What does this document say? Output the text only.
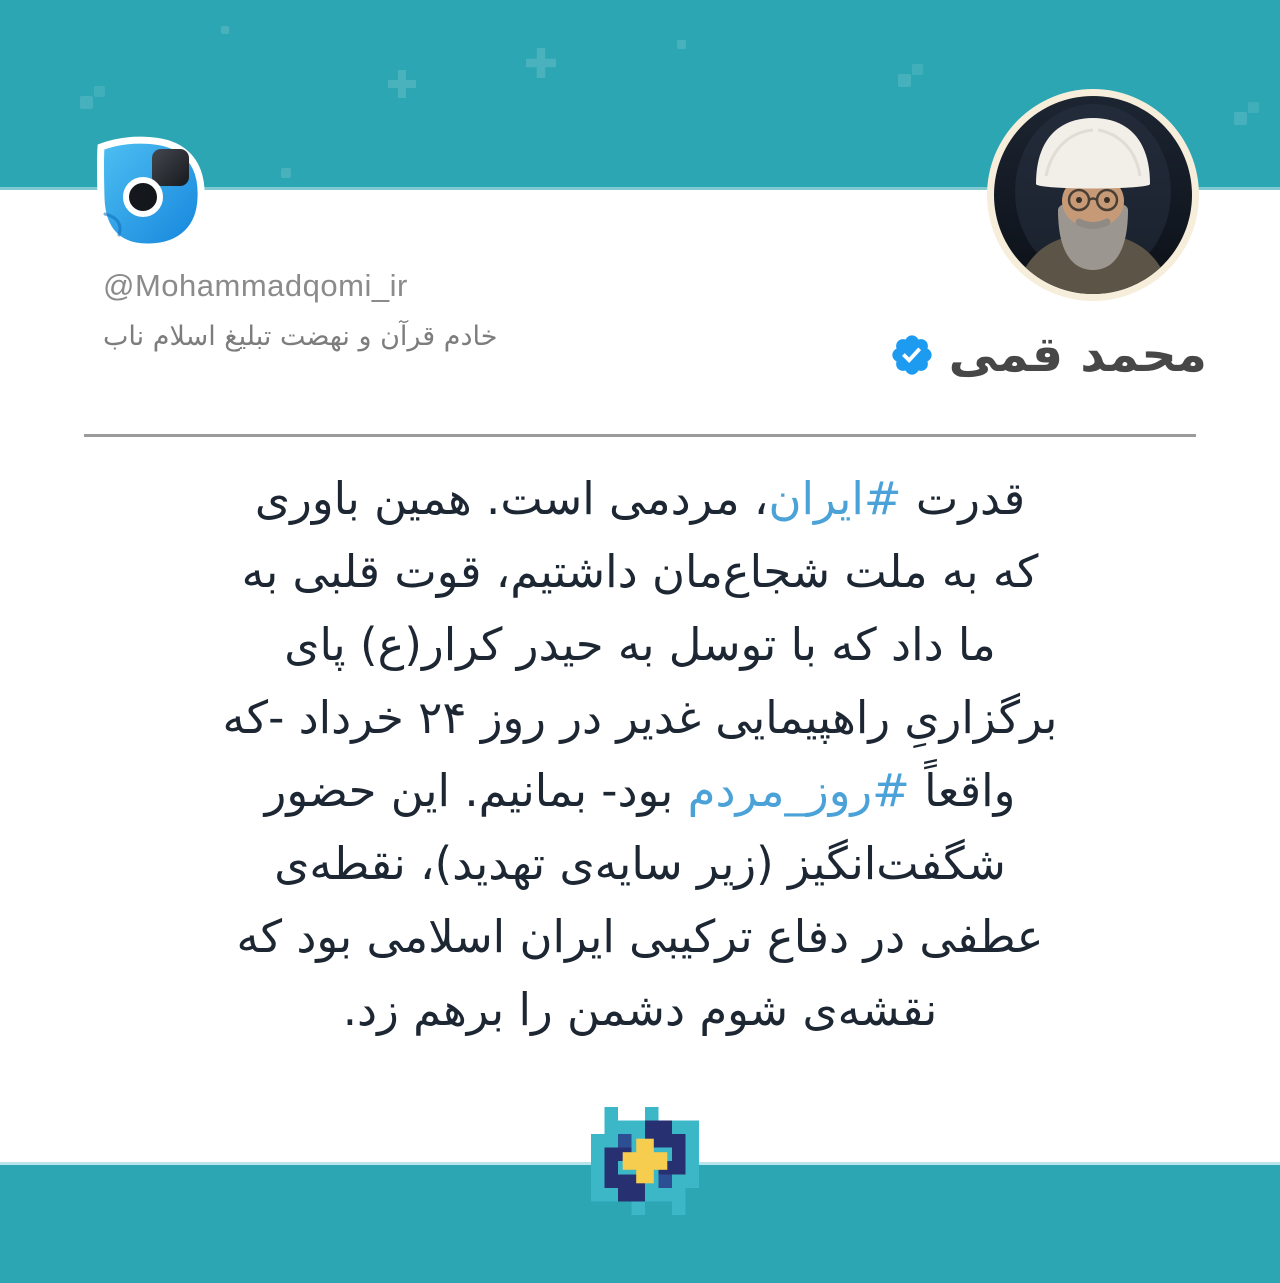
@Mohammadqomi_ir
خادم قرآن و نهضت تبلیغ اسلام ناب	محمد قمی
قدرت #ایران، مردمی است. همین باوری
که به ملت شجاع‌مان داشتیم، قوت قلبی به
ما داد که با توسل به حیدر کرار(ع) پای
برگزاریِ راهپیمایی غدیر در روز ۲۴ خرداد -که
واقعاً #روز_مردم بود- بمانیم. این حضور
شگفت‌انگیز (زیر سایه‌ی تهدید)، نقطه‌ی
عطفی در دفاع ترکیبی ایران اسلامی بود که
نقشه‌ی شوم دشمن را برهم زد.
